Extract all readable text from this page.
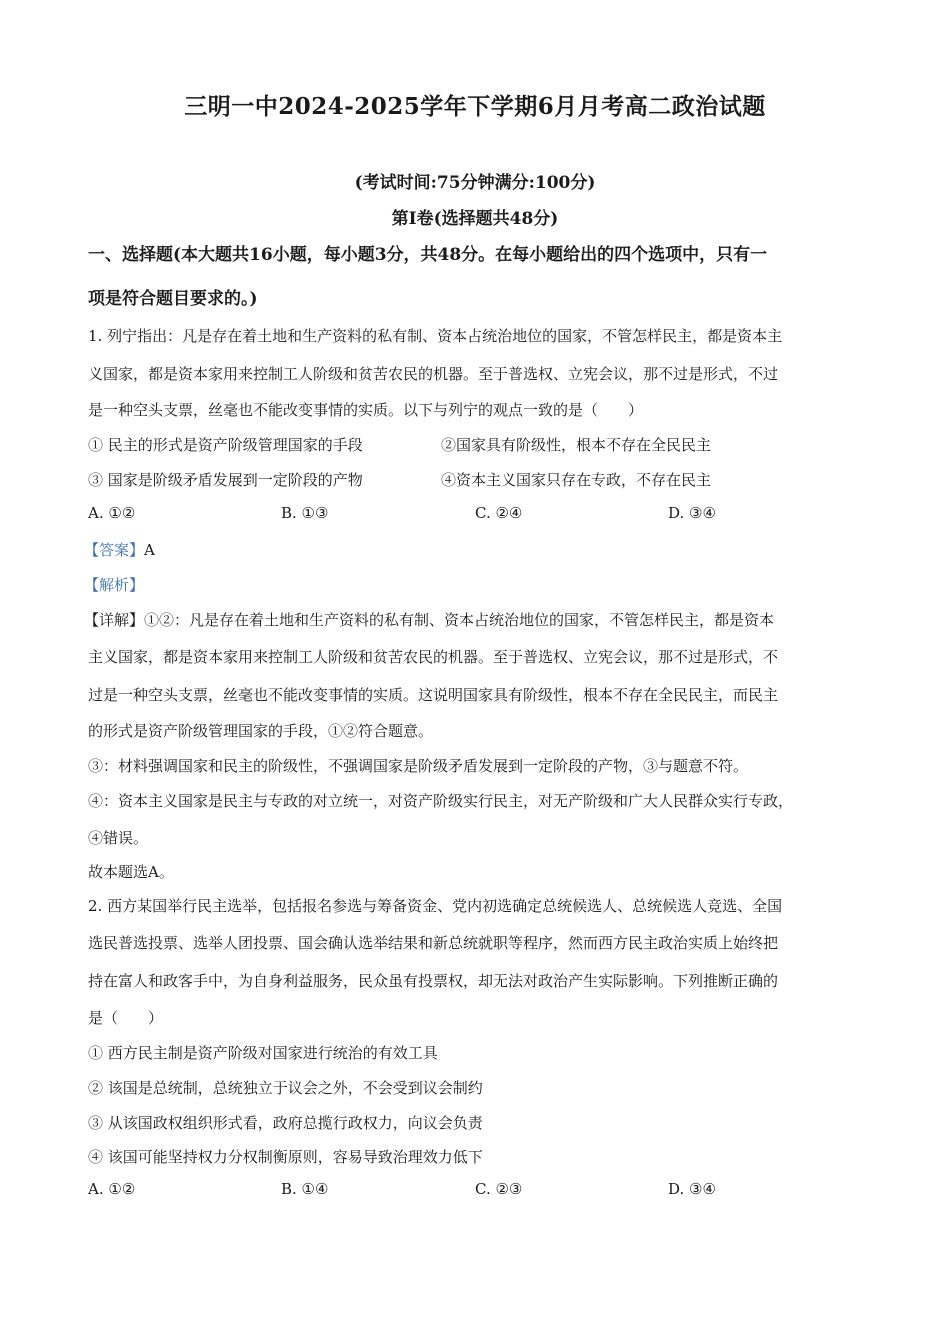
三明一中2024-2025学年下学期6月月考高二政治试题
(考试时间:75分钟满分:100分)
第Ⅰ卷(选择题共48分)
一、选择题(本大题共16小题，每小题3分，共48分。在每小题给出的四个选项中，只有一
项是符合题目要求的。)
1. 列宁指出：凡是存在着土地和生产资料的私有制、资本占统治地位的国家，不管怎样民主，都是资本主
义国家，都是资本家用来控制工人阶级和贫苦农民的机器。至于普选权、立宪会议，那不过是形式，不过
是一种空头支票，丝毫也不能改变事情的实质。以下与列宁的观点一致的是（　　）
① 民主的形式是资产阶级管理国家的手段	②国家具有阶级性，根本不存在全民民主
③ 国家是阶级矛盾发展到一定阶段的产物	④资本主义国家只存在专政，不存在民主
A. ①②	B. ①③	C. ②④	D. ③④
【答案】A
【解析】
【详解】①②：凡是存在着土地和生产资料的私有制、资本占统治地位的国家，不管怎样民主，都是资本
主义国家，都是资本家用来控制工人阶级和贫苦农民的机器。至于普选权、立宪会议，那不过是形式，不
过是一种空头支票，丝毫也不能改变事情的实质。这说明国家具有阶级性，根本不存在全民民主，而民主
的形式是资产阶级管理国家的手段，①②符合题意。
③：材料强调国家和民主的阶级性，不强调国家是阶级矛盾发展到一定阶段的产物，③与题意不符。
④：资本主义国家是民主与专政的对立统一，对资产阶级实行民主，对无产阶级和广大人民群众实行专政，
④错误。
故本题选A。
2. 西方某国举行民主选举，包括报名参选与筹备资金、党内初选确定总统候选人、总统候选人竞选、全国
选民普选投票、选举人团投票、国会确认选举结果和新总统就职等程序，然而西方民主政治实质上始终把
持在富人和政客手中，为自身利益服务，民众虽有投票权，却无法对政治产生实际影响。下列推断正确的
是（　　）
① 西方民主制是资产阶级对国家进行统治的有效工具
② 该国是总统制，总统独立于议会之外，不会受到议会制约
③ 从该国政权组织形式看，政府总揽行政权力，向议会负责
④ 该国可能坚持权力分权制衡原则，容易导致治理效力低下
A. ①②	B. ①④	C. ②③	D. ③④
